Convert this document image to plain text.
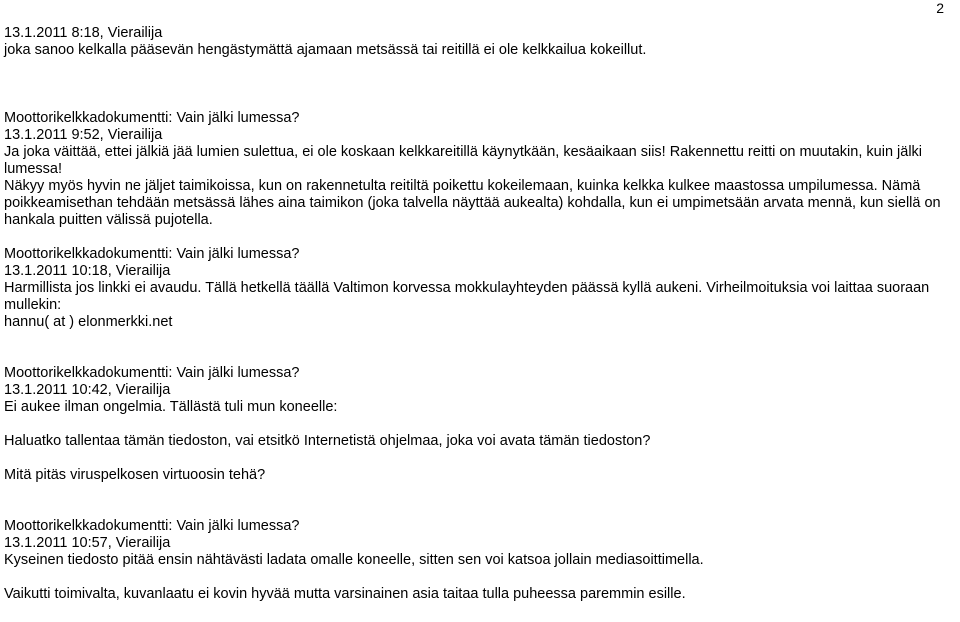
2
13.1.2011 8:18, Vierailija
joka sanoo kelkalla pääsevän hengästymättä ajamaan metsässä tai reitillä ei ole kelkkailua kokeillut.
Moottorikelkkadokumentti: Vain jälki lumessa?
13.1.2011 9:52, Vierailija
Ja joka väittää, ettei jälkiä jää lumien sulettua, ei ole koskaan kelkkareitillä käynytkään, kesäaikaan siis! Rakennettu reitti on muutakin, kuin jälki
lumessa!
Näkyy myös hyvin ne jäljet taimikoissa, kun on rakennetulta reitiltä poikettu kokeilemaan, kuinka kelkka kulkee maastossa umpilumessa. Nämä
poikkeamisethan tehdään metsässä lähes aina taimikon (joka talvella näyttää aukealta) kohdalla, kun ei umpimetsään arvata mennä, kun siellä on
hankala puitten välissä pujotella.
Moottorikelkkadokumentti: Vain jälki lumessa?
13.1.2011 10:18, Vierailija
Harmillista jos linkki ei avaudu. Tällä hetkellä täällä Valtimon korvessa mokkulayhteyden päässä kyllä aukeni. Virheilmoituksia voi laittaa suoraan
mullekin:
hannu( at ) elonmerkki.net
Moottorikelkkadokumentti: Vain jälki lumessa?
13.1.2011 10:42, Vierailija
Ei aukee ilman ongelmia. Tällästä tuli mun koneelle:
Haluatko tallentaa tämän tiedoston, vai etsitkö Internetistä ohjelmaa, joka voi avata tämän tiedoston?
Mitä pitäs viruspelkosen virtuoosin tehä?
Moottorikelkkadokumentti: Vain jälki lumessa?
13.1.2011 10:57, Vierailija
Kyseinen tiedosto pitää ensin nähtävästi ladata omalle koneelle, sitten sen voi katsoa jollain mediasoittimella.
Vaikutti toimivalta, kuvanlaatu ei kovin hyvää mutta varsinainen asia taitaa tulla puheessa paremmin esille.
